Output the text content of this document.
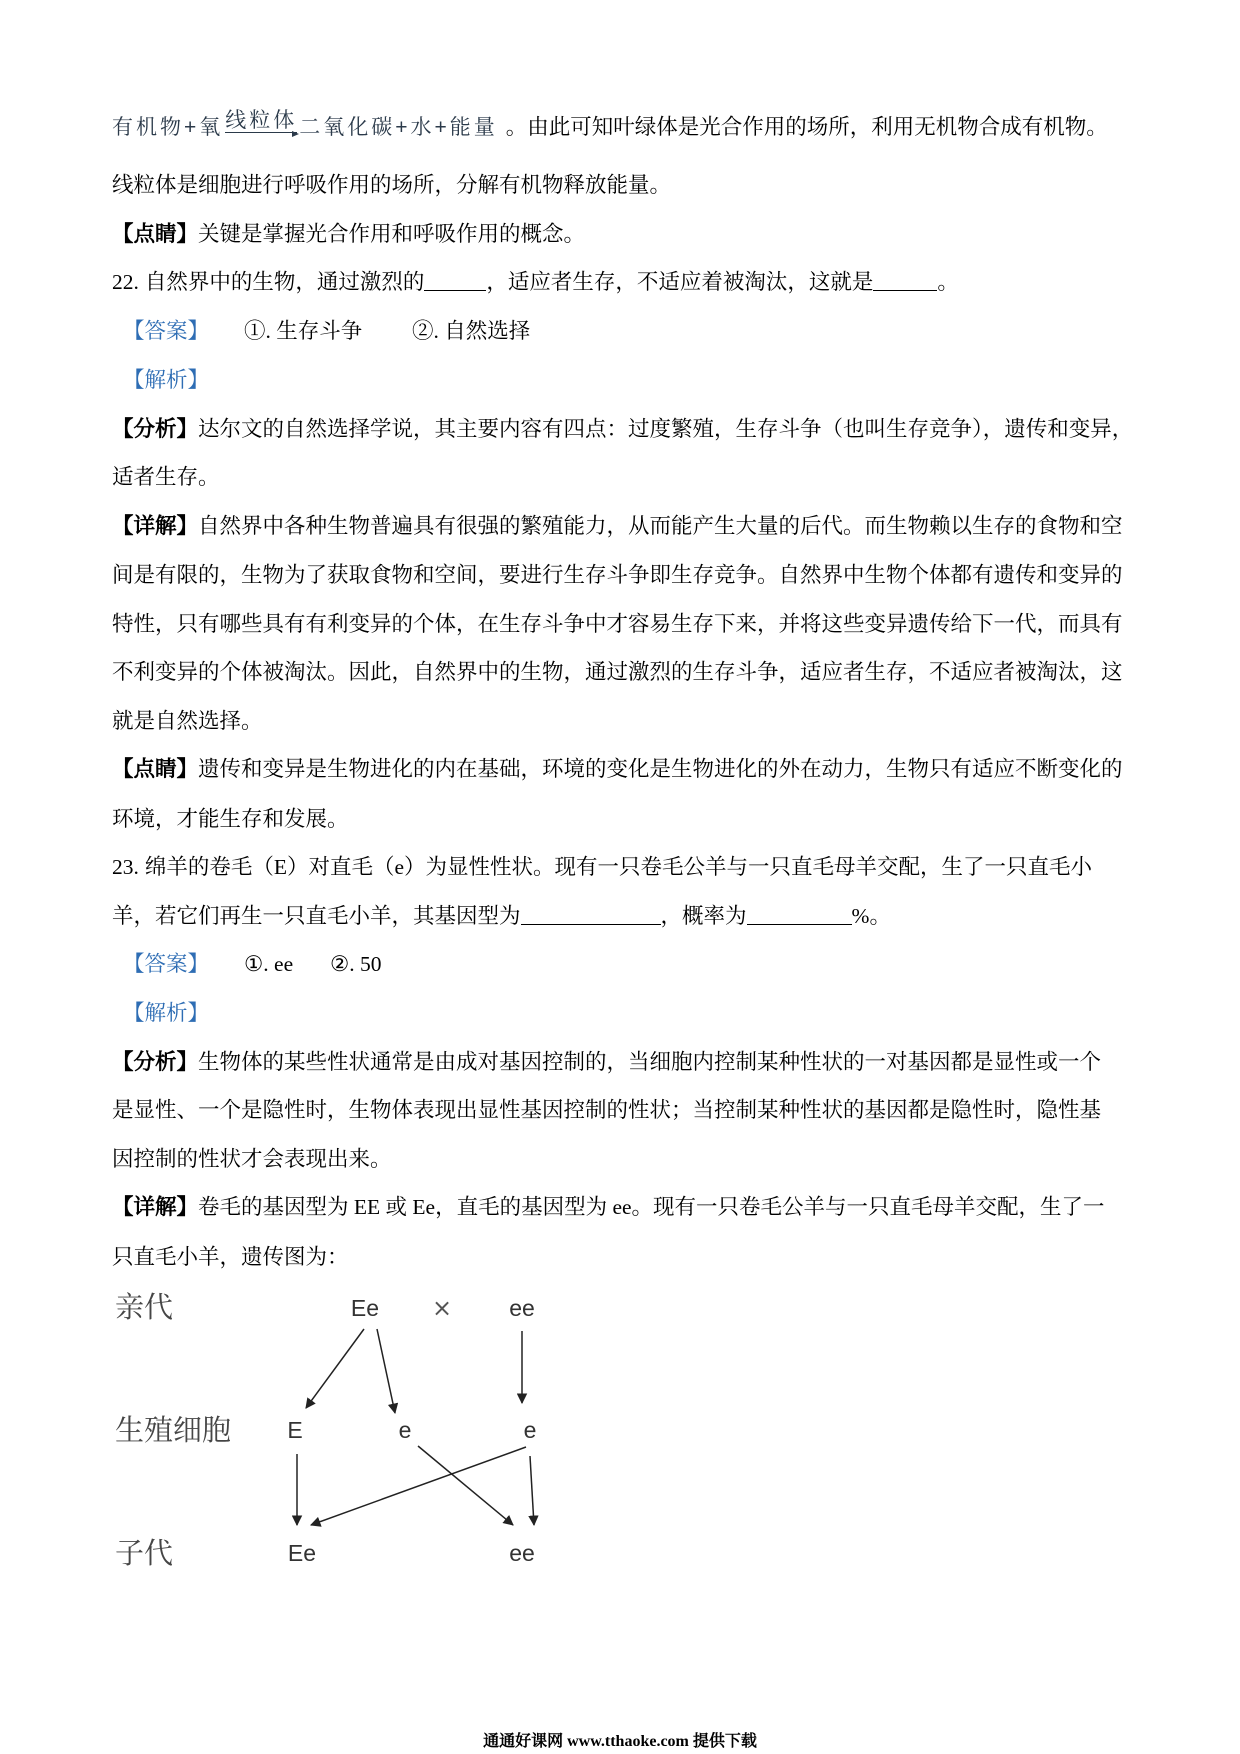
有机物+氧线粒体二氧化碳+水+能量 。由此可知叶绿体是光合作用的场所，利用无机物合成有机物。
线粒体是细胞进行呼吸作用的场所，分解有机物释放能量。
【点睛】关键是掌握光合作用和呼吸作用的概念。
22. 自然界中的生物，通过激烈的	，适应者生存，不适应着被淘汰，这就是	。
【答案】 ①. 生存斗争 ②. 自然选择
【解析】
【分析】达尔文的自然选择学说，其主要内容有四点：过度繁殖，生存斗争（也叫生存竞争），遗传和变异，
适者生存。
【详解】自然界中各种生物普遍具有很强的繁殖能力，从而能产生大量的后代。而生物赖以生存的食物和空
间是有限的，生物为了获取食物和空间，要进行生存斗争即生存竞争。自然界中生物个体都有遗传和变异的
特性，只有哪些具有有利变异的个体，在生存斗争中才容易生存下来，并将这些变异遗传给下一代，而具有
不利变异的个体被淘汰。因此，自然界中的生物，通过激烈的生存斗争，适应者生存，不适应者被淘汰，这
就是自然选择。
【点睛】遗传和变异是生物进化的内在基础，环境的变化是生物进化的外在动力，生物只有适应不断变化的
环境，才能生存和发展。
23. 绵羊的卷毛（E）对直毛（e）为显性性状。现有一只卷毛公羊与一只直毛母羊交配，生了一只直毛小
羊，若它们再生一只直毛小羊，其基因型为	，概率为	%。
【答案】 ①. ee ②. 50
【解析】
【分析】生物体的某些性状通常是由成对基因控制的，当细胞内控制某种性状的一对基因都是显性或一个
是显性、一个是隐性时，生物体表现出显性基因控制的性状；当控制某种性状的基因都是隐性时，隐性基
因控制的性状才会表现出来。
【详解】卷毛的基因型为 EE 或 Ee，直毛的基因型为 ee。现有一只卷毛公羊与一只直毛母羊交配，生了一
只直毛小羊，遗传图为：
亲代
生殖细胞
子代
Ee × ee
E	e	e
Ee	ee
通通好课网 www.tthaoke.com 提供下载
